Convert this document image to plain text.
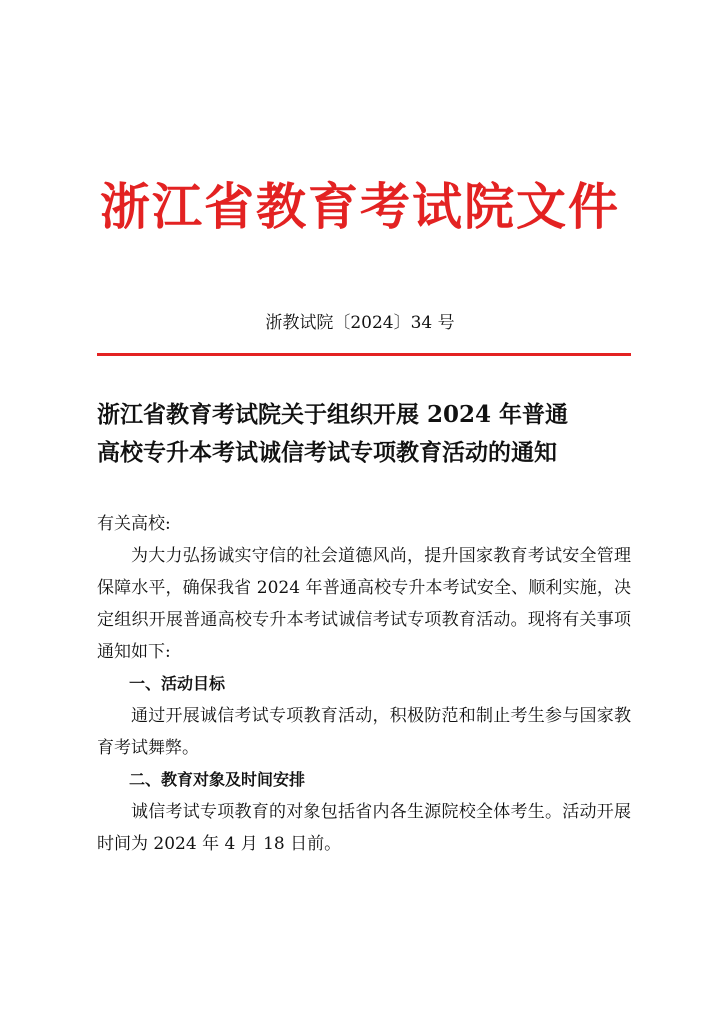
浙江省教育考试院文件
浙教试院〔2024〕34 号
浙江省教育考试院关于组织开展 2024 年普通
高校专升本考试诚信考试专项教育活动的通知

有关高校:

为大力弘扬诚实守信的社会道德风尚，提升国家教育考试安全管理保障水平，确保我省 2024 年普通高校专升本考试安全、顺利实施，决定组织开展普通高校专升本考试诚信考试专项教育活动。现将有关事项通知如下:

一、活动目标

通过开展诚信考试专项教育活动，积极防范和制止考生参与国家教育考试舞弊。

二、教育对象及时间安排

诚信考试专项教育的对象包括省内各生源院校全体考生。活动开展时间为 2024 年 4 月 18 日前。
